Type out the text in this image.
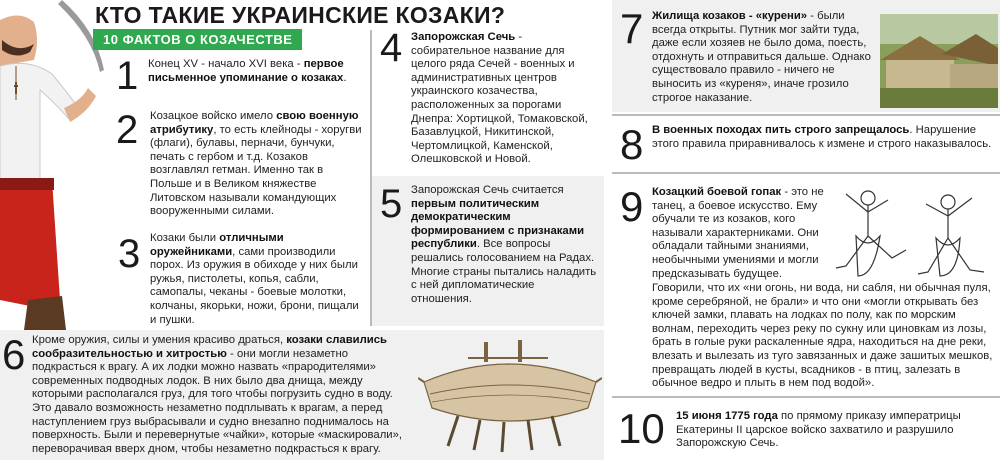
КТО ТАКИЕ УКРАИНСКИЕ КОЗАКИ?
10 ФАКТОВ О КОЗАЧЕСТВЕ
1 Конец XV - начало XVI века - первое письменное упоминание о козаках.
2 Козацкое войско имело свою военную атрибутику, то есть клейноды - хоругви (флаги), булавы, перначи, бунчуки, печать с гербом и т.д. Козаков возглавлял гетман. Именно так в Польше и в Великом княжестве Литовском называли командующих вооруженными силами.
3 Козаки были отличными оружейниками, сами производили порох. Из оружия в обиходе у них были ружья, пистолеты, копья, сабли, самопалы, чеканы - боевые молотки, колчаны, якорьки, ножи, брони, пищали и пушки.
4 Запорожская Сечь - собирательное название для целого ряда Сечей - военных и административных центров украинского козачества, расположенных за порогами Днепра: Хортицкой, Томаковской, Базавлуцкой, Никитинской, Чертомлицкой, Каменской, Олешковской и Новой.
5 Запорожская Сечь считается первым политическим демократическим формированием с признаками республики. Все вопросы решались голосованием на Радах. Многие страны пытались наладить с ней дипломатические отношения.
6 Кроме оружия, силы и умения красиво драться, козаки славились сообразительностью и хитростью - они могли незаметно подкрасться к врагу. А их лодки можно назвать «прародителями» современных подводных лодок. В них было два днища, между которыми располагался груз, для того чтобы погрузить судно в воду. Это давало возможность незаметно подплывать к врагам, а перед наступлением груз выбрасывали и судно внезапно поднималось на поверхность. Были и перевернутые «чайки», которые «маскировали», переворачивая вверх дном, чтобы незаметно подкрасться к врагу.
7 Жилища козаков - «курени» - были всегда открыты. Путник мог зайти туда, даже если хозяев не было дома, поесть, отдохнуть и отправиться дальше. Однако существовало правило - ничего не выносить из «куреня», иначе грозило строгое наказание.
8 В военных походах пить строго запрещалось. Нарушение этого правила приравнивалось к измене и строго наказывалось.
9 Козацкий боевой гопак - это не танец, а боевое искусство. Ему обучали те из козаков, кого называли характерниками. Они обладали тайными знаниями, необычными умениями и могли предсказывать будущее.
Говорили, что их «ни огонь, ни вода, ни сабля, ни обычная пуля, кроме серебряной, не брали» и что они «могли открывать без ключей замки, плавать на лодках по полу, как по морским волнам, переходить через реку по сукну или циновкам из лозы, брать в голые руки раскаленные ядра, находиться на дне реки, влезать и вылезать из туго завязанных и даже зашитых мешков, превращать людей в кусты, всадников - в птиц, залезать в обычное ведро и плыть в нем под водой».
10 15 июня 1775 года по прямому приказу императрицы Екатерины II царское войско захватило и разрушило Запорожскую Сечь.
